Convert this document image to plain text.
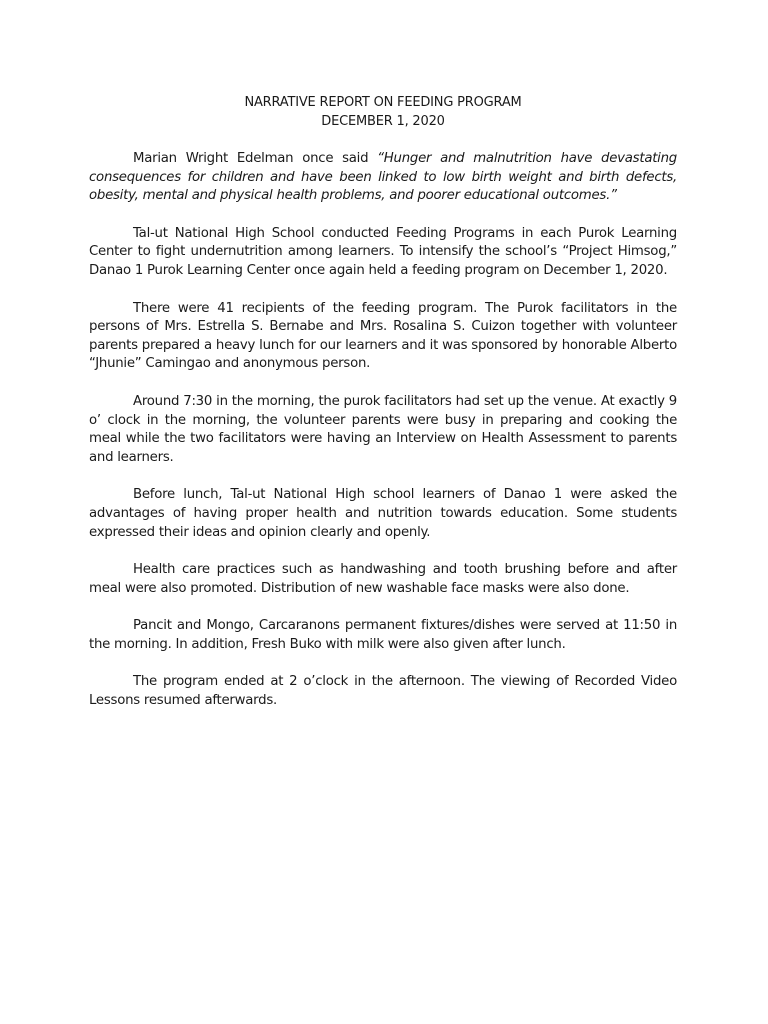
NARRATIVE REPORT ON FEEDING PROGRAM

DECEMBER 1, 2020

Marian Wright Edelman once said “Hunger and malnutrition have devastating consequences for children and have been linked to low birth weight and birth defects, obesity, mental and physical health problems, and poorer educational outcomes.”

Tal-ut National High School conducted Feeding Programs in each Purok Learning Center to fight undernutrition among learners. To intensify the school’s “Project Himsog,” Danao 1 Purok Learning Center once again held a feeding program on December 1, 2020.

There were 41 recipients of the feeding program. The Purok facilitators in the persons of Mrs. Estrella S. Bernabe and Mrs. Rosalina S. Cuizon together with volunteer parents prepared a heavy lunch for our learners and it was sponsored by honorable Alberto “Jhunie” Camingao and anonymous person.

Around 7:30 in the morning, the purok facilitators had set up the venue. At exactly 9 o’ clock in the morning, the volunteer parents were busy in preparing and cooking the meal while the two facilitators were having an Interview on Health Assessment to parents and learners.

Before lunch, Tal-ut National High school learners of Danao 1 were asked the advantages of having proper health and nutrition towards education. Some students expressed their ideas and opinion clearly and openly.

Health care practices such as handwashing and tooth brushing before and after meal were also promoted. Distribution of new washable face masks were also done.

Pancit and Mongo, Carcaranons permanent fixtures/dishes were served at 11:50 in the morning. In addition, Fresh Buko with milk were also given after lunch.

The program ended at 2 o’clock in the afternoon. The viewing of Recorded Video Lessons resumed afterwards.
